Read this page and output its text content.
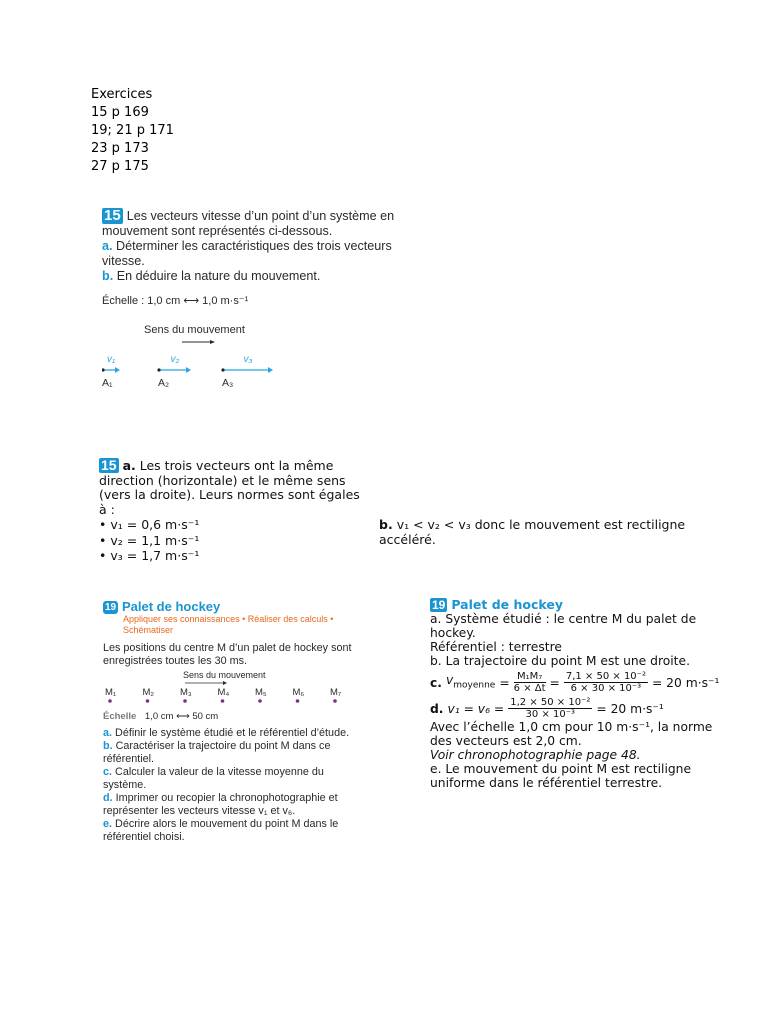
Exercices
15 p 169
19; 21 p 171
23 p 173
27 p 175
15 Les vecteurs vitesse d’un point d’un système en mouvement sont représentés ci-dessous.
a. Déterminer les caractéristiques des trois vecteurs vitesse.
b. En déduire la nature du mouvement.
Échelle : 1,0 cm ⟷ 1,0 m·s⁻¹
Sens du mouvement
v₁
A₁
v₂
A₂
v₃
A₃
15 a. Les trois vecteurs ont la même direction (horizontale) et le même sens (vers la droite). Leurs normes sont égales à :
• v₁ = 0,6 m·s⁻¹
• v₂ = 1,1 m·s⁻¹
• v₃ = 1,7 m·s⁻¹
b. v₁ < v₂ < v₃ donc le mouvement est rectiligne accéléré.
19 Palet de hockey
Appliquer ses connaissances • Réaliser des calculs • Schématiser
Les positions du centre M d’un palet de hockey sont enregistrées toutes les 30 ms.
Sens du mouvement
M₁	M₂	M₃	M₄	M₅	M₆	M₇
Échelle 1,0 cm ⟷ 50 cm
a. Définir le système étudié et le référentiel d’étude.
b. Caractériser la trajectoire du point M dans ce référentiel.
c. Calculer la valeur de la vitesse moyenne du système.
d. Imprimer ou recopier la chronophotographie et représenter les vecteurs vitesse v₁ et v₆.
e. Décrire alors le mouvement du point M dans le référentiel choisi.
19 Palet de hockey
a. Système étudié : le centre M du palet de hockey.
Référentiel : terrestre
b. La trajectoire du point M est une droite.
c. $v_{moyenne} = \frac{\text{M₁M₇}}{6 \times \Delta t} = \frac{\text{7,1 × 50 × 10⁻²}}{\text{6 × 30 × 10⁻³}} = 20$ m·s⁻¹
d. $v_1 = v_6 = \frac{\text{1,2 × 50 × 10⁻²}}{\text{30 × 10⁻³}} = 20$ m·s⁻¹
Avec l’échelle 1,0 cm pour 10 m·s⁻¹, la norme des vecteurs est 2,0 cm.
Voir chronophotographie page 48.
e. Le mouvement du point M est rectiligne uniforme dans le référentiel terrestre.
